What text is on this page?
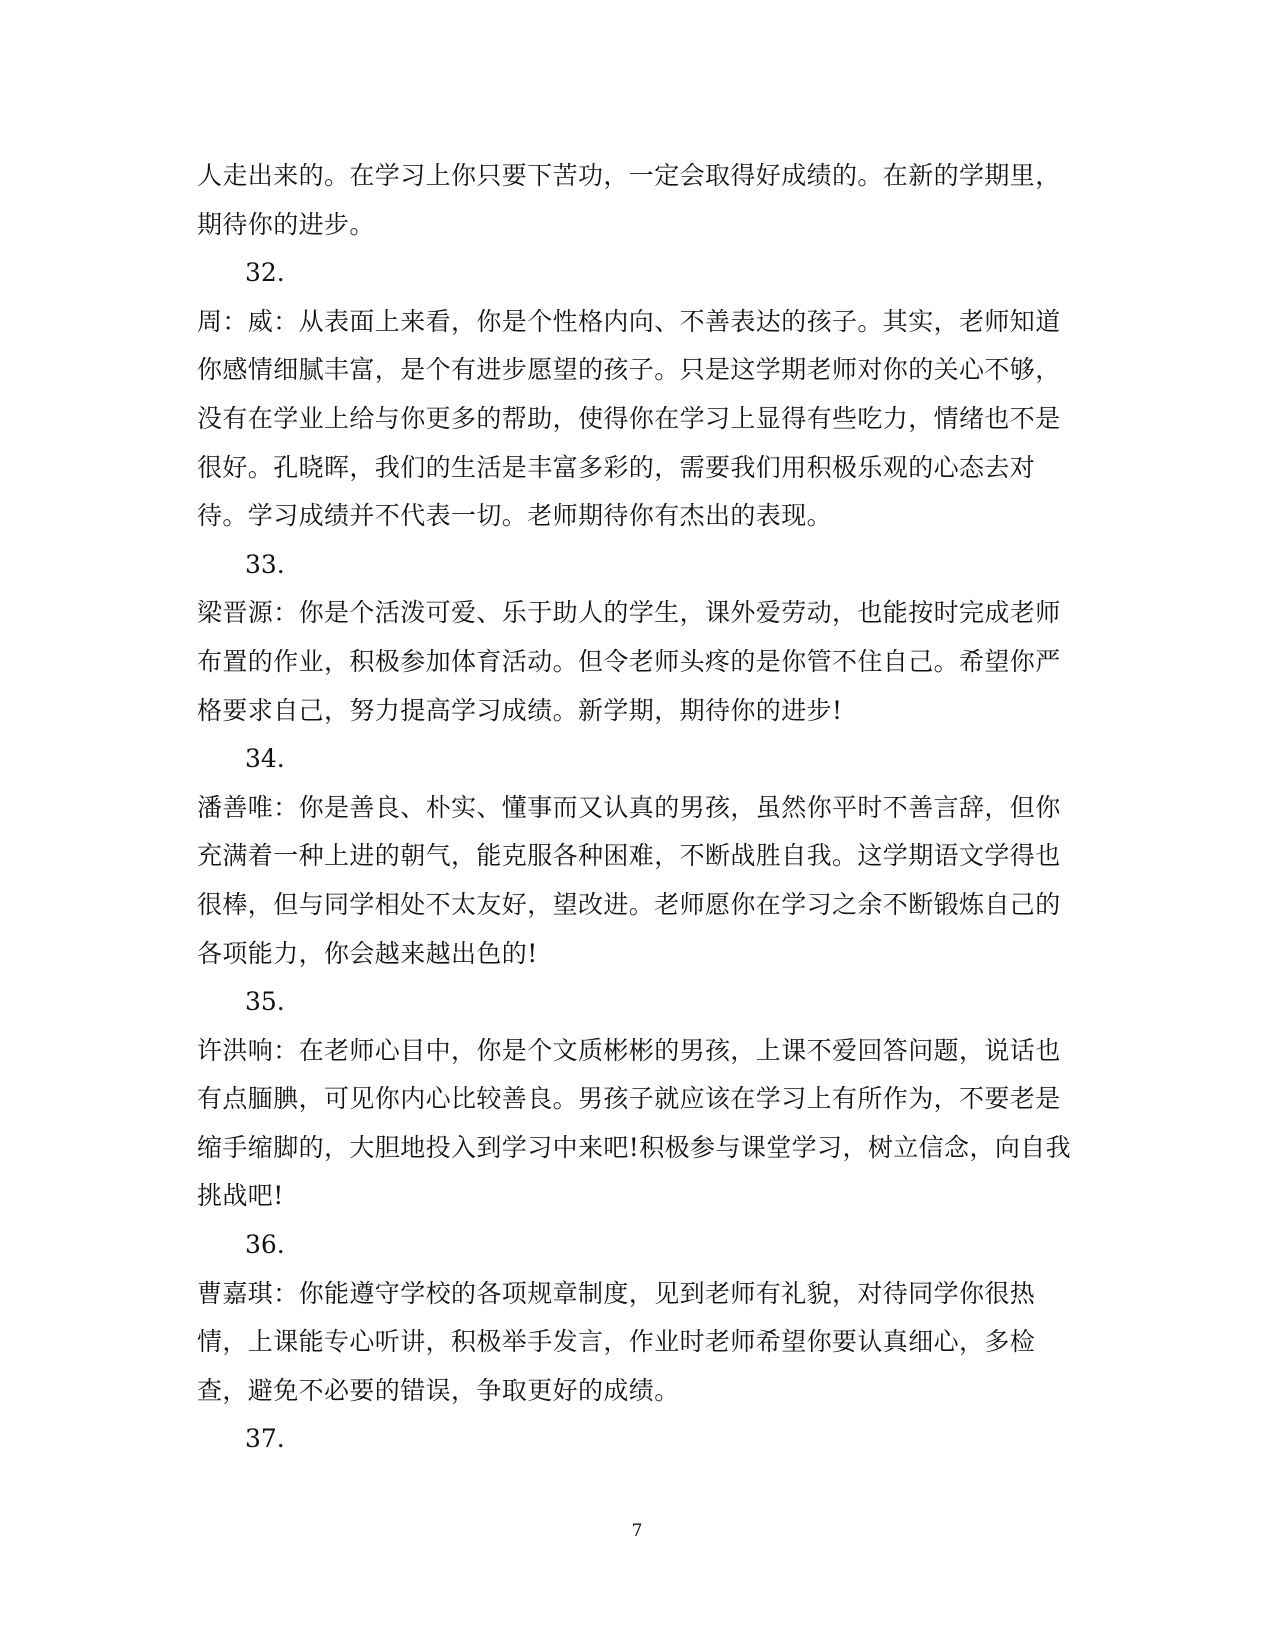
人走出来的。在学习上你只要下苦功，一定会取得好成绩的。在新的学期里，期待你的进步。

32.

周：威：从表面上来看，你是个性格内向、不善表达的孩子。其实，老师知道你感情细腻丰富，是个有进步愿望的孩子。只是这学期老师对你的关心不够，没有在学业上给与你更多的帮助，使得你在学习上显得有些吃力，情绪也不是很好。孔晓晖，我们的生活是丰富多彩的，需要我们用积极乐观的心态去对待。学习成绩并不代表一切。老师期待你有杰出的表现。

33.

梁晋源：你是个活泼可爱、乐于助人的学生，课外爱劳动，也能按时完成老师布置的作业，积极参加体育活动。但令老师头疼的是你管不住自己。希望你严格要求自己，努力提高学习成绩。新学期，期待你的进步!

34.

潘善唯：你是善良、朴实、懂事而又认真的男孩，虽然你平时不善言辞，但你充满着一种上进的朝气，能克服各种困难，不断战胜自我。这学期语文学得也很棒，但与同学相处不太友好，望改进。老师愿你在学习之余不断锻炼自己的各项能力，你会越来越出色的!

35.

许洪响：在老师心目中，你是个文质彬彬的男孩，上课不爱回答问题，说话也有点腼腆，可见你内心比较善良。男孩子就应该在学习上有所作为，不要老是缩手缩脚的，大胆地投入到学习中来吧!积极参与课堂学习，树立信念，向自我挑战吧!

36.

曹嘉琪：你能遵守学校的各项规章制度，见到老师有礼貌，对待同学你很热情，上课能专心听讲，积极举手发言，作业时老师希望你要认真细心，多检查，避免不必要的错误，争取更好的成绩。

37.

7
